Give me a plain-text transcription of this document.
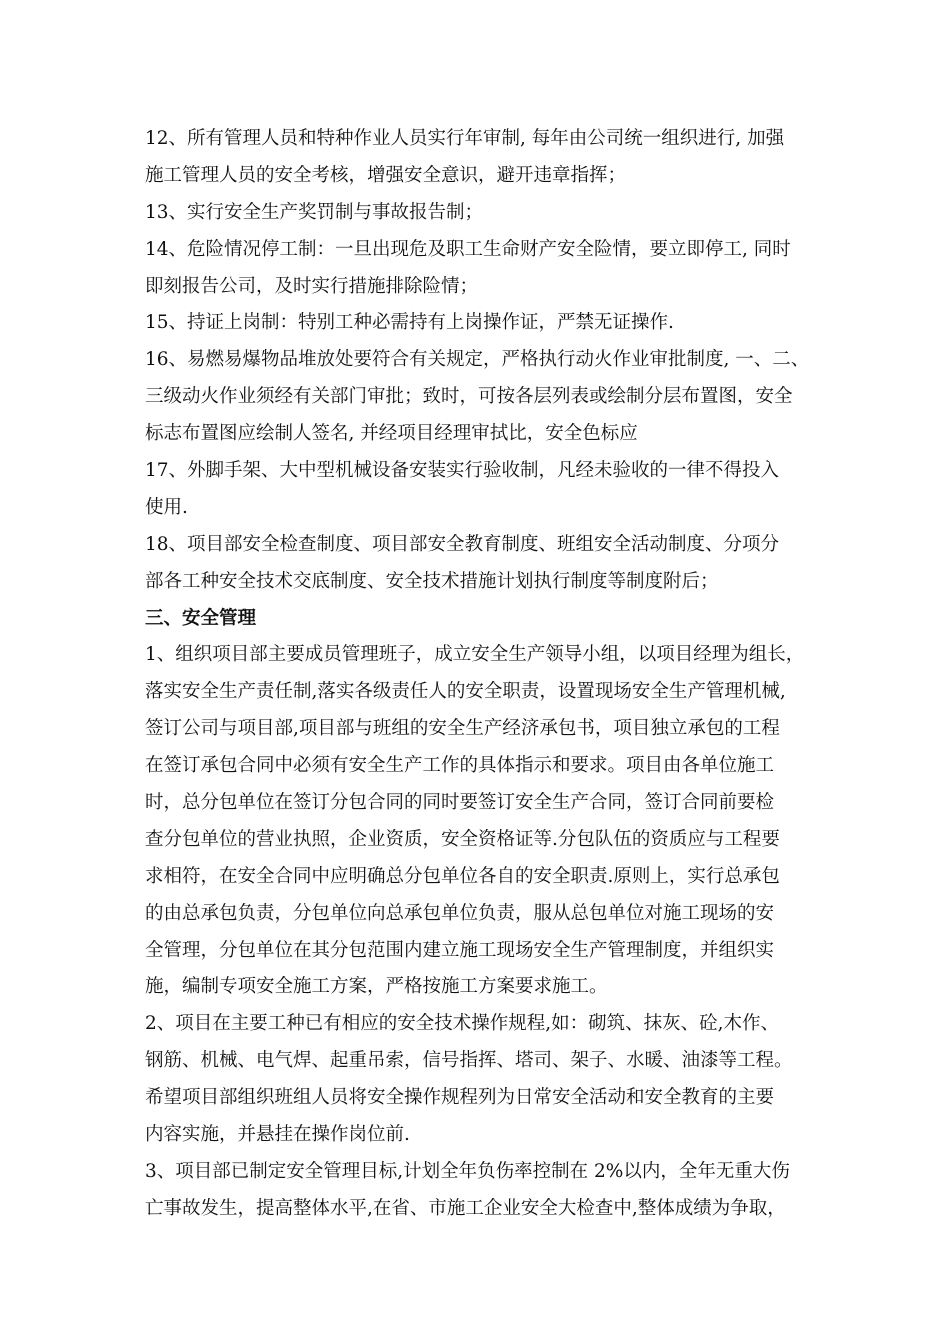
12、所有管理人员和特种作业人员实行年审制, 每年由公司统一组织进行, 加强

施工管理人员的安全考核，增强安全意识，避开违章指挥；

13、实行安全生产奖罚制与事故报告制；

14、危险情况停工制：一旦出现危及职工生命财产安全险情，要立即停工, 同时

即刻报告公司，及时实行措施排除险情；

15、持证上岗制：特别工种必需持有上岗操作证，严禁无证操作.

16、易燃易爆物品堆放处要符合有关规定，严格执行动火作业审批制度, 一、二、

三级动火作业须经有关部门审批；致时，可按各层列表或绘制分层布置图，安全

标志布置图应绘制人签名, 并经项目经理审拭比，安全色标应

17、外脚手架、大中型机械设备安装实行验收制，凡经未验收的一律不得投入

使用.

18、项目部安全检查制度、项目部安全教育制度、班组安全活动制度、分项分

部各工种安全技术交底制度、安全技术措施计划执行制度等制度附后；

三、安全管理

1、组织项目部主要成员管理班子，成立安全生产领导小组，以项目经理为组长，

落实安全生产责任制,落实各级责任人的安全职责，设置现场安全生产管理机械,

签订公司与项目部,项目部与班组的安全生产经济承包书，项目独立承包的工程

在签订承包合同中必须有安全生产工作的具体指示和要求。项目由各单位施工

时，总分包单位在签订分包合同的同时要签订安全生产合同，签订合同前要检

查分包单位的营业执照，企业资质，安全资格证等.分包队伍的资质应与工程要

求相符，在安全合同中应明确总分包单位各自的安全职责.原则上，实行总承包

的由总承包负责，分包单位向总承包单位负责，服从总包单位对施工现场的安

全管理，分包单位在其分包范围内建立施工现场安全生产管理制度，并组织实

施，编制专项安全施工方案，严格按施工方案要求施工。

2、项目在主要工种已有相应的安全技术操作规程,如：砌筑、抹灰、砼,木作、

钢筋、机械、电气焊、起重吊索，信号指挥、塔司、架子、水暖、油漆等工程。

希望项目部组织班组人员将安全操作规程列为日常安全活动和安全教育的主要

内容实施，并悬挂在操作岗位前.

3、项目部已制定安全管理目标,计划全年负伤率控制在 2%以内，全年无重大伤

亡事故发生，提高整体水平,在省、市施工企业安全大检查中,整体成绩为争取，
